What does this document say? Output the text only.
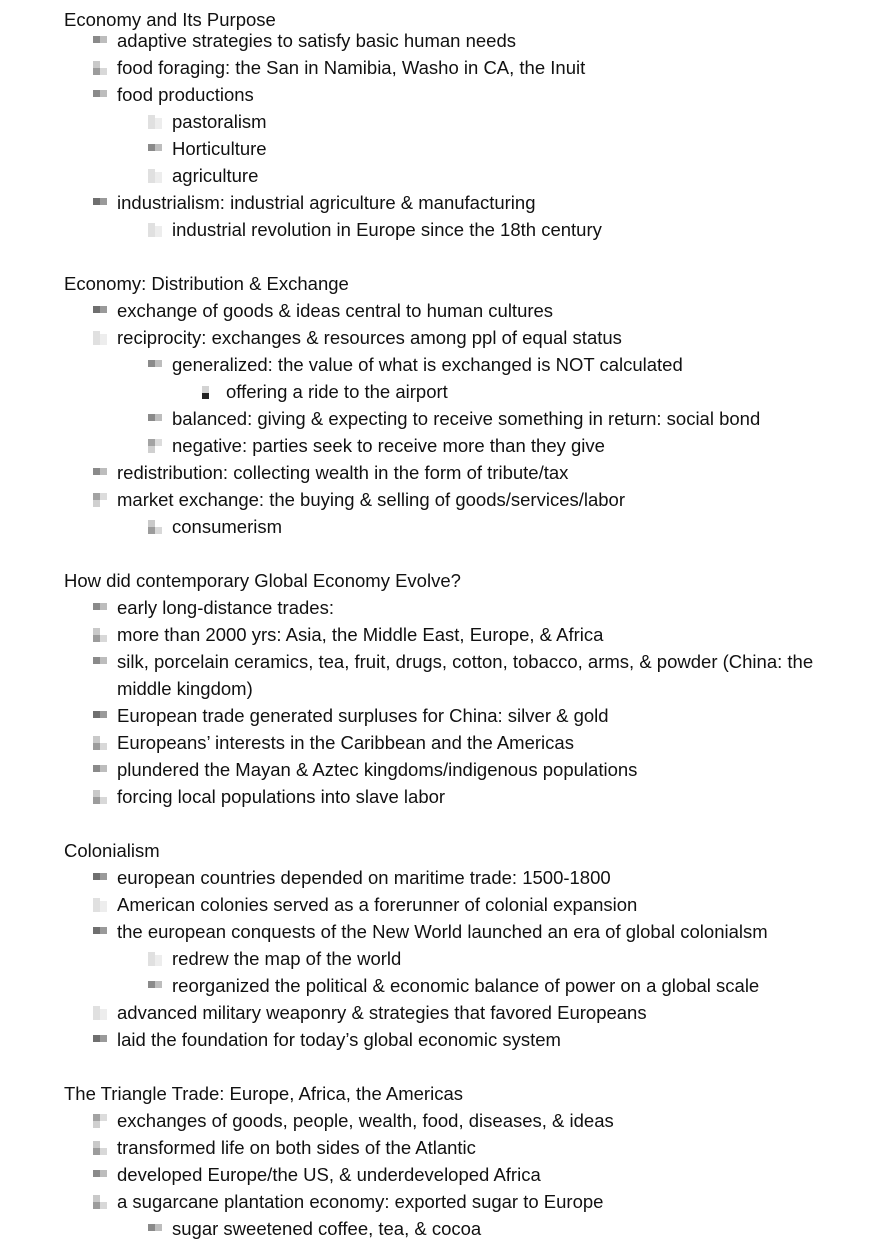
Economy and Its Purpose
adaptive strategies to satisfy basic human needs
food foraging: the San in Namibia, Washo in CA, the Inuit
food productions
pastoralism
Horticulture
agriculture
industrialism: industrial agriculture & manufacturing
industrial revolution in Europe since the 18th century
Economy: Distribution & Exchange
exchange of goods & ideas central to human cultures
reciprocity: exchanges & resources among ppl of equal status
generalized: the value of what is exchanged is NOT calculated
offering a ride to the airport
balanced: giving & expecting to receive something in return: social bond
negative: parties seek to receive more than they give
redistribution: collecting wealth in the form of tribute/tax
market exchange: the buying & selling of goods/services/labor
consumerism
How did contemporary Global Economy Evolve?
early long-distance trades:
more than 2000 yrs: Asia, the Middle East, Europe, & Africa
silk, porcelain ceramics, tea, fruit, drugs, cotton, tobacco, arms, & powder (China: the middle kingdom)
European trade generated surpluses for China: silver & gold
Europeans’ interests in the Caribbean and the Americas
plundered the Mayan & Aztec kingdoms/indigenous populations
forcing local populations into slave labor
Colonialism
european countries depended on maritime trade: 1500-1800
American colonies served as a forerunner of colonial expansion
the european conquests of the New World launched an era of global colonialsm
redrew the map of the world
reorganized the political & economic balance of power on a global scale
advanced military weaponry & strategies that favored Europeans
laid the foundation for today’s global economic system
The Triangle Trade: Europe, Africa, the Americas
exchanges of goods, people, wealth, food, diseases, & ideas
transformed life on both sides of the Atlantic
developed Europe/the US, & underdeveloped Africa
a sugarcane plantation economy: exported sugar to Europe
sugar sweetened coffee, tea, & cocoa
